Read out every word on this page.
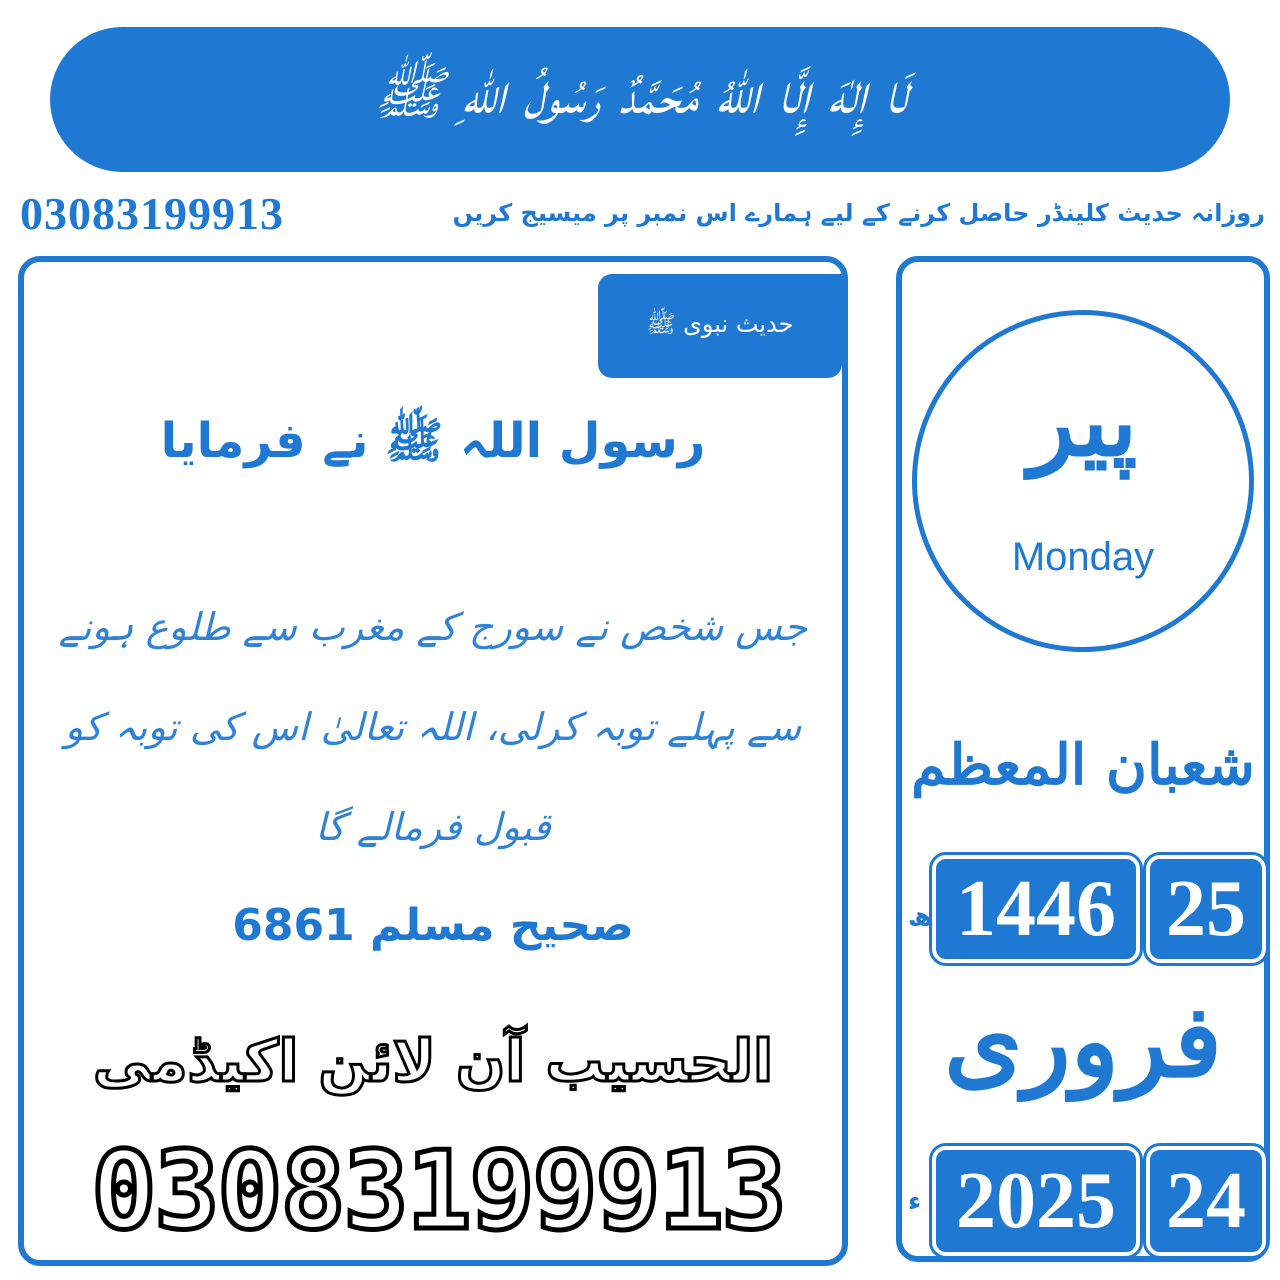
لَا إِلٰهَ إِلَّا اللّٰهُ مُحَمَّدٌ رَسُولُ اللّٰهِ ﷺ
03083199913	روزانہ حدیث کلینڈر حاصل کرنے کے لیے ہمارے اس نمبر پر میسیج کریں
حدیث نبوی ﷺ
رسول اللہ ﷺ نے فرمایا
جس شخص نے سورج کے مغرب سے طلوع ہونے سے پہلے توبہ کرلی، اللہ تعالیٰ اس کی توبہ کو قبول فرمالے گا
صحیح مسلم 6861
الحسیب آن لائن اکیڈمی
03083199913
پیر
Monday
شعبان المعظم
ھ 1446 25
فروری
ء 2025 24
